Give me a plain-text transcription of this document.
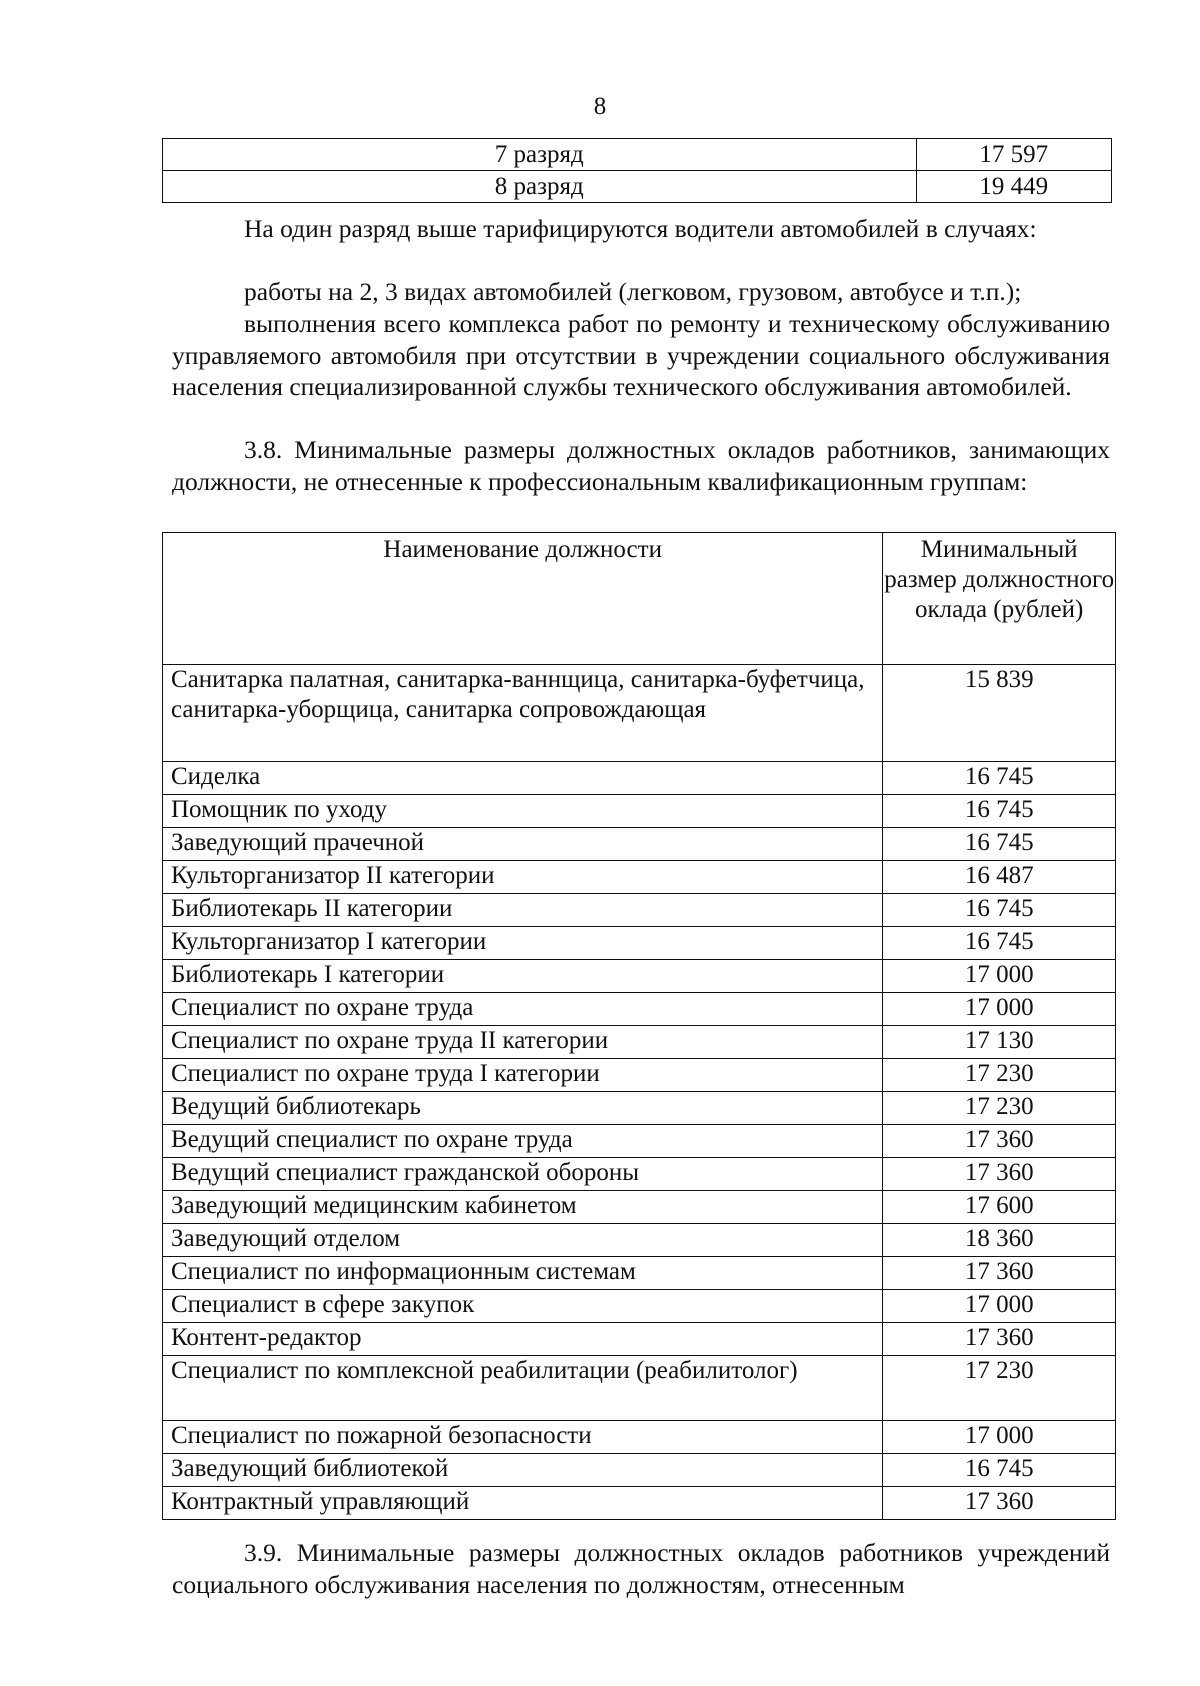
8
7 разряд	17 597
8 разряд	19 449

На один разряд выше тарифицируются водители автомобилей в случаях:

работы на 2, 3 видах автомобилей (легковом, грузовом, автобусе и т.п.);

выполнения всего комплекса работ по ремонту и техническому обслуживанию управляемого автомобиля при отсутствии в учреждении социального обслуживания населения специализированной службы технического обслуживания автомобилей.

3.8. Минимальные размеры должностных окладов работников, занимающих должности, не отнесенные к профессиональным квалификационным группам:

Наименование должности	Минимальный размер должностного оклада (рублей)
Санитарка палатная, санитарка-ваннщица, санитарка-буфетчица, санитарка-уборщица, санитарка сопровождающая	15 839
Сиделка	16 745
Помощник по уходу	16 745
Заведующий прачечной	16 745
Культорганизатор II категории	16 487
Библиотекарь II категории	16 745
Культорганизатор I категории	16 745
Библиотекарь I категории	17 000
Специалист по охране труда	17 000
Специалист по охране труда II категории	17 130
Специалист по охране труда I категории	17 230
Ведущий библиотекарь	17 230
Ведущий специалист по охране труда	17 360
Ведущий специалист гражданской обороны	17 360
Заведующий медицинским кабинетом	17 600
Заведующий отделом	18 360
Специалист по информационным системам	17 360
Специалист в сфере закупок	17 000
Контент-редактор	17 360
Специалист по комплексной реабилитации (реабилитолог)	17 230
Специалист по пожарной безопасности	17 000
Заведующий библиотекой	16 745
Контрактный управляющий	17 360

3.9. Минимальные размеры должностных окладов работников учреждений социального обслуживания населения по должностям, отнесенным
